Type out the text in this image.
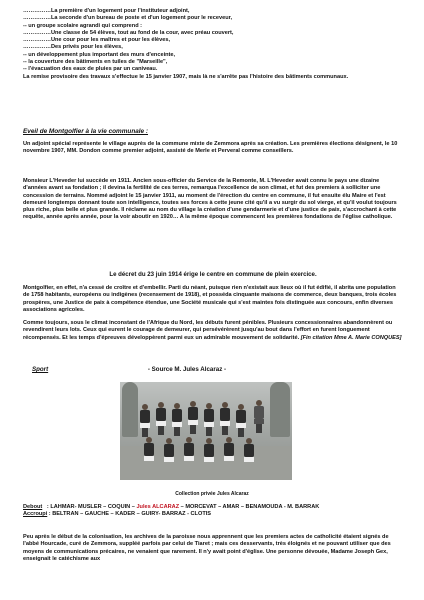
……………La première d'un logement pour l'instituteur adjoint,
……………La seconde d'un bureau de poste et d'un logement pour le receveur,
-- un groupe scolaire agrandi qui comprend :
……………Une classe de 54 élèves, tout au fond de la cour, avec préau couvert,
……………Une cour pour les maîtres et pour les élèves,
……………Des privés pour les élèves,
-- un développement plus important des murs d'enceinte,
-- la couverture des bâtiments en tuiles de "Marseille",
-- l'évacuation des eaux de pluies par un caniveau.
La remise provisoire des travaux s'effectue le 15 janvier 1907, mais là ne s'arrête pas l'histoire des bâtiments communaux.
Eveil de Montgolfier à la vie communale :
Un adjoint spécial représente le village auprès de la commune mixte de Zemmora après sa création. Les premières élections désignent, le 10 novembre 1907, MM. Dondon comme premier adjoint, assisté de Merle et Perveral comme conseillers.
Monsieur L'Heveder lui succède en 1911. Ancien sous-officier du Service de la Remonte, M. L'Heveder avait connu le pays une dizaine d'années avant sa fondation ; il devina la fertilité de ces terres, remarqua l'excellence de son climat, et fut des premiers à solliciter une concession de terrains. Nommé adjoint le 15 janvier 1911, au moment de l'érection du centre en commune, il fut ensuite élu Maire et l'est demeuré longtemps donnant toute son intelligence, toutes ses forces à cette jeune cité qu'il a vu surgir du sol vierge, et qu'il voulut toujours plus riche, plus belle et plus grande. Il réclame au nom du village la création d'une gendarmerie et d'une justice de paix, s'accrochant à cette requête, année après année, pour la voir aboutir en 1920… A la même époque commencent les premières fondations de l'église catholique.
Le décret du 23 juin 1914 érige le centre en commune de plein exercice.
Montgolfier, en effet, n'a cessé de croître et d'embellir. Parti du néant, puisque rien n'existait aux lieux où il fut édifié, il abrita une population de 1758 habitants, européens ou indigènes (recensement de 1918), et posséda cinquante maisons de commerce, deux banques, trois écoles prospères, une Justice de paix à compétence étendue, une Société musicale qui s'est maintes fois distinguée aux concours, enfin diverses associations agricoles.
Comme toujours, sous le climat inconstant de l'Afrique du Nord, les débuts furent pénibles. Plusieurs concessionnaires abandonnèrent ou revendirent leurs lots. Ceux qui eurent le courage de demeurer, qui persévérèrent jusqu'au bout dans l'effort en furent longuement récompensés. Et les temps d'épreuves développèrent parmi eux un admirable mouvement de solidarité. [Fin citation Mme A. Marie CONQUES]
Sport	- Source M. Jules Alcaraz -
Collection privée Jules Alcaraz
Debout   : LAHMAR- MUSLER – COQUIN – Jules ALCARAZ – MORCEVAT – AMAR – BENAMOUDA - M. BARRAK
Accroupi : BELTRAN – GAUCHE – KADER – GUIRY- BARRAZ - CLOTIS
Peu après le début de la colonisation, les archives de la paroisse nous apprennent que les premiers actes de catholicité étaient signés de l'abbé Hourcade, curé de Zemmora, suppléé parfois par celui de Tiaret ; mais ces desservants, très éloignés et ne pouvant utiliser que des moyens de communications précaires, ne venaient que rarement. Il n'y avait point d'église. Une personne dévouée, Madame Joseph Gex, enseignait le catéchisme aux
